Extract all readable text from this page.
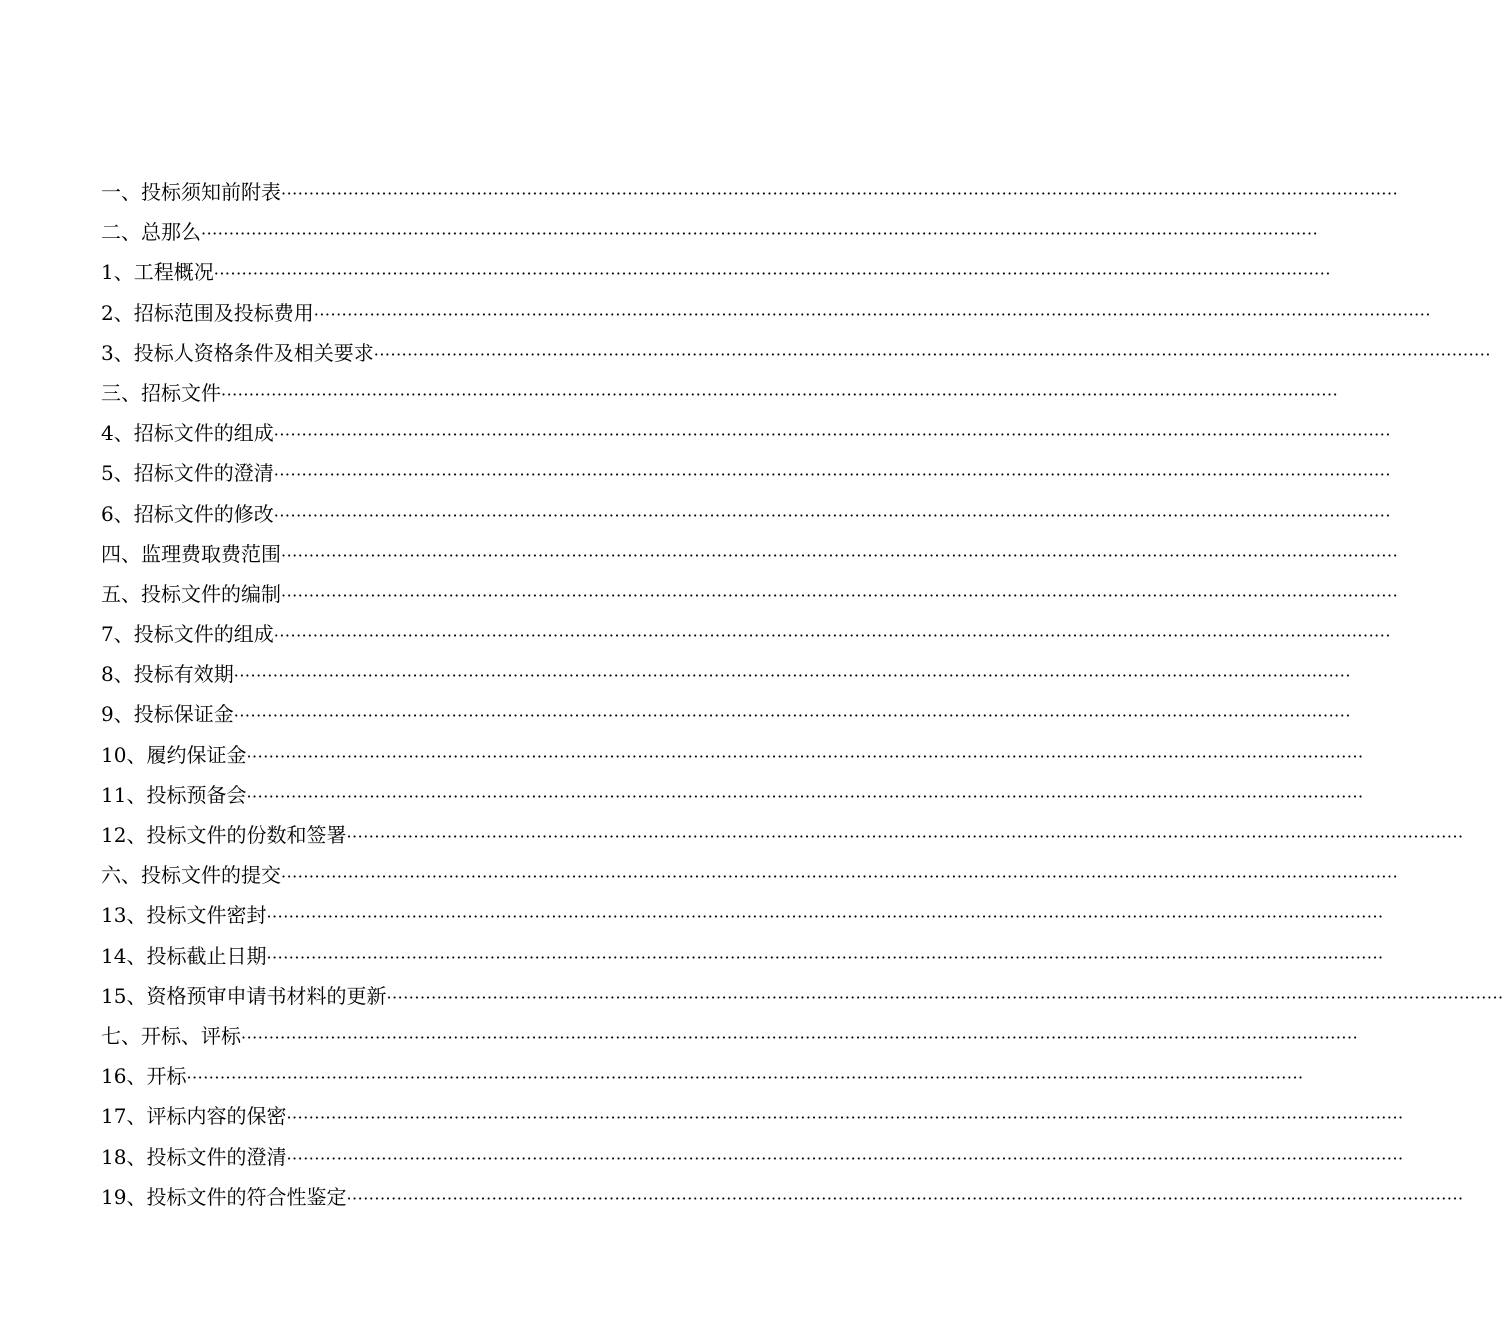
一、投标须知前附表 ········································································································································································································
二、总那么 ········································································································································································································
1、工程概况 ········································································································································································································
2、招标范围及投标费用 ········································································································································································································
3、投标人资格条件及相关要求 ········································································································································································································
三、招标文件 ········································································································································································································
4、招标文件的组成 ········································································································································································································
5、招标文件的澄清 ········································································································································································································
6、招标文件的修改 ········································································································································································································
四、监理费取费范围 ········································································································································································································
五、投标文件的编制 ········································································································································································································
7、投标文件的组成 ········································································································································································································
8、投标有效期 ········································································································································································································
9、投标保证金 ········································································································································································································
10、履约保证金 ········································································································································································································
11、投标预备会 ········································································································································································································
12、投标文件的份数和签署 ········································································································································································································
六、投标文件的提交 ········································································································································································································
13、投标文件密封 ········································································································································································································
14、投标截止日期 ········································································································································································································
15、资格预审申请书材料的更新 ········································································································································································································
七、开标、评标 ········································································································································································································
16、开标 ········································································································································································································
17、评标内容的保密 ········································································································································································································
18、投标文件的澄清 ········································································································································································································
19、投标文件的符合性鉴定 ········································································································································································································
